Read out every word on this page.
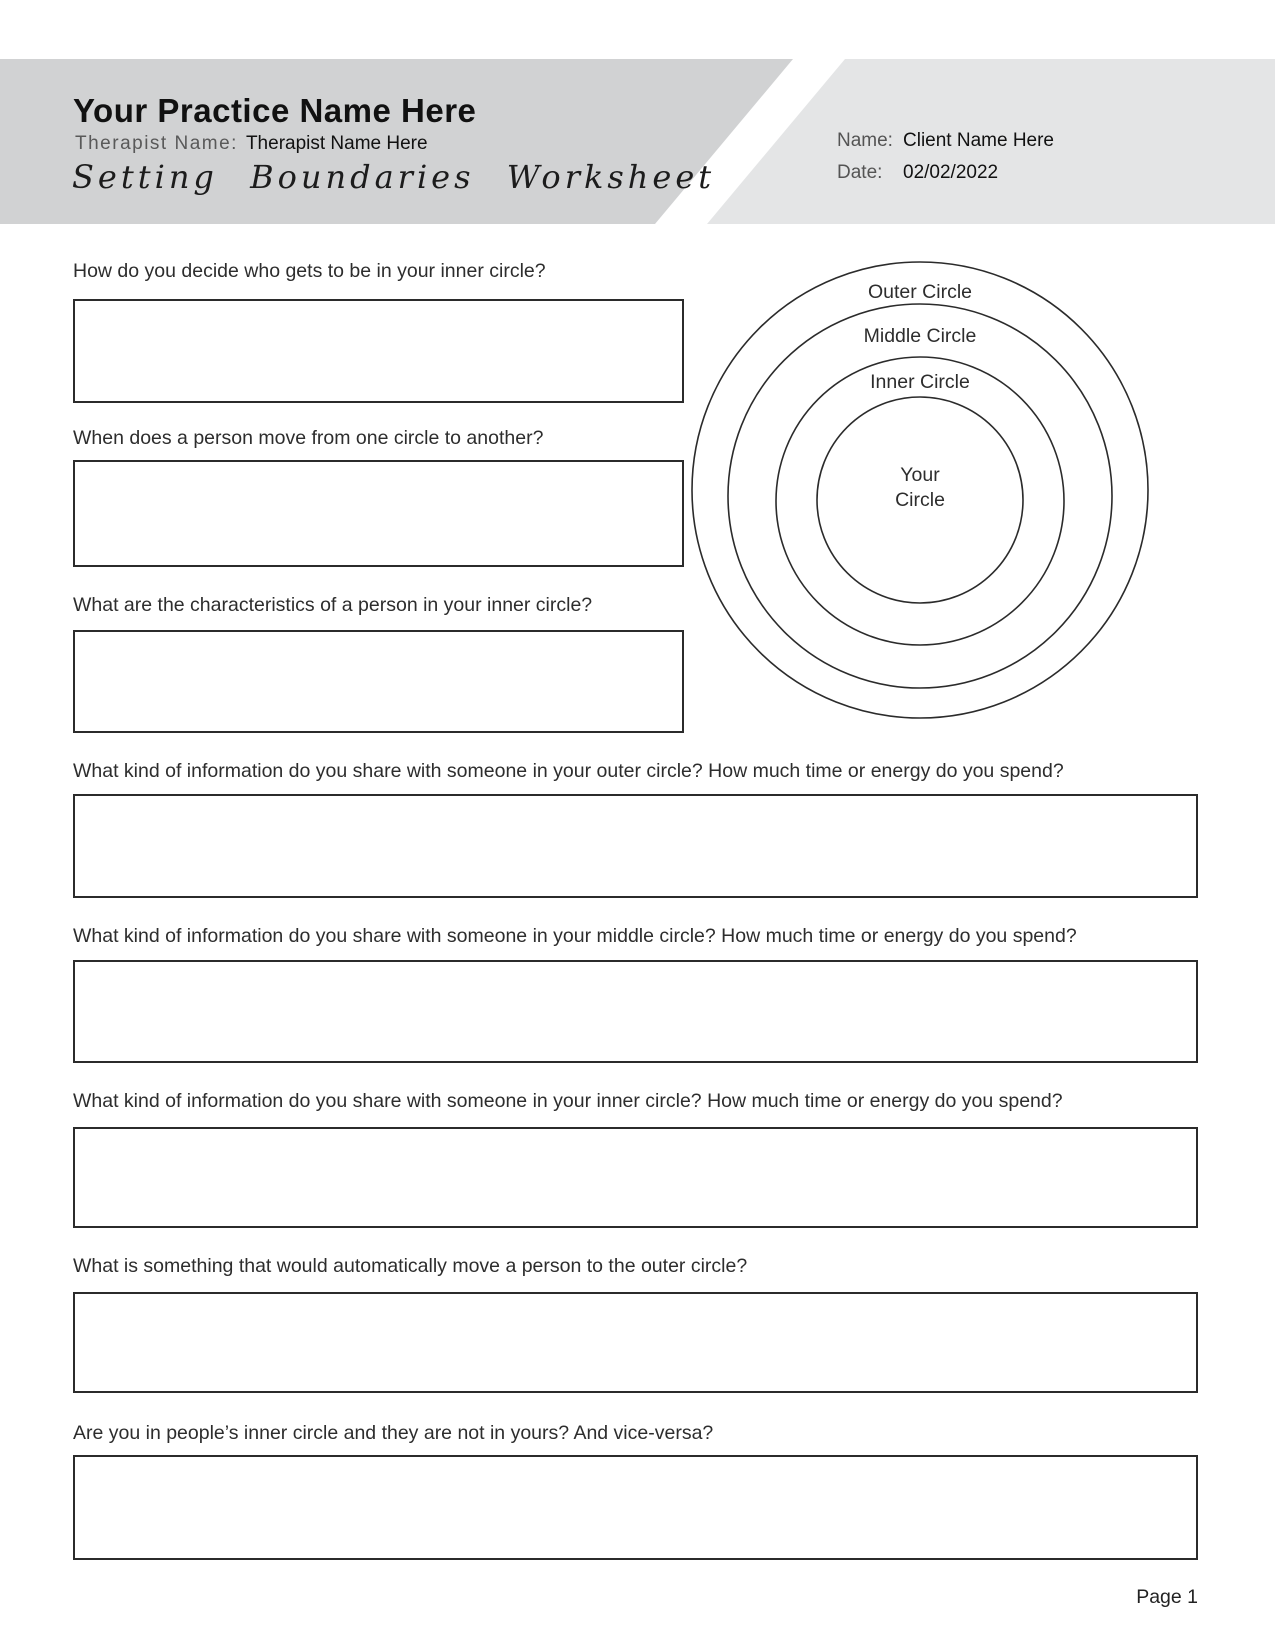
Your Practice Name Here
Therapist Name: Therapist Name Here
Setting Boundaries Worksheet
Name: Client Name Here
Date: 02/02/2022
Outer Circle
Middle Circle
Inner Circle
Your
Circle
How do you decide who gets to be in your inner circle?
When does a person move from one circle to another?
What are the characteristics of a person in your inner circle?
What kind of information do you share with someone in your outer circle? How much time or energy do you spend?
What kind of information do you share with someone in your middle circle? How much time or energy do you spend?
What kind of information do you share with someone in your inner circle? How much time or energy do you spend?
What is something that would automatically move a person to the outer circle?
Are you in people’s inner circle and they are not in yours? And vice-versa?
Page 1
